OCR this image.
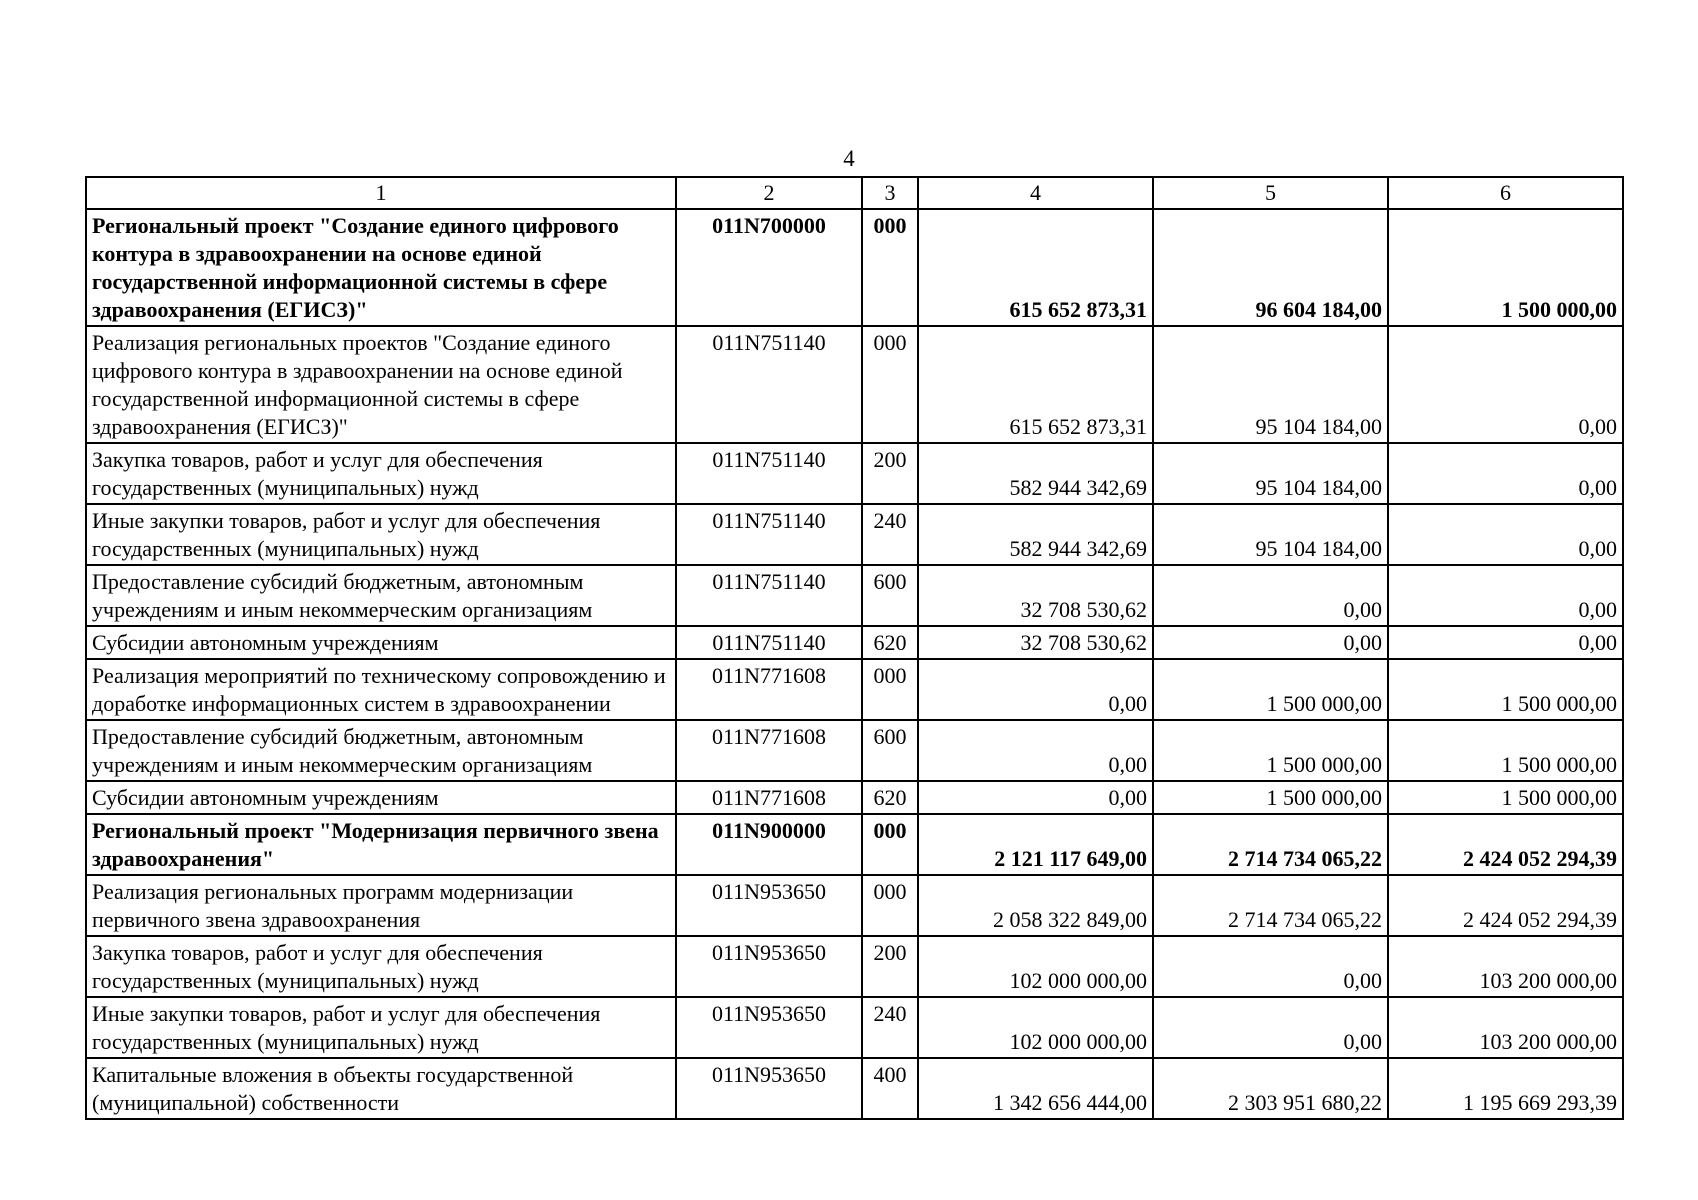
4
1	2	3	4	5	6
Региональный проект "Создание единого цифрового контура в здравоохранении на основе единой государственной информационной системы в сфере здравоохранения (ЕГИСЗ)"	011N700000	000	615 652 873,31	96 604 184,00	1 500 000,00
Реализация региональных проектов "Создание единого цифрового контура в здравоохранении на основе единой государственной информационной системы в сфере здравоохранения (ЕГИСЗ)"	011N751140	000	615 652 873,31	95 104 184,00	0,00
Закупка товаров, работ и услуг для обеспечения государственных (муниципальных) нужд	011N751140	200	582 944 342,69	95 104 184,00	0,00
Иные закупки товаров, работ и услуг для обеспечения государственных (муниципальных) нужд	011N751140	240	582 944 342,69	95 104 184,00	0,00
Предоставление субсидий бюджетным, автономным учреждениям и иным некоммерческим организациям	011N751140	600	32 708 530,62	0,00	0,00
Субсидии автономным учреждениям	011N751140	620	32 708 530,62	0,00	0,00
Реализация мероприятий по техническому сопровождению и доработке информационных систем в здравоохранении	011N771608	000	0,00	1 500 000,00	1 500 000,00
Предоставление субсидий бюджетным, автономным учреждениям и иным некоммерческим организациям	011N771608	600	0,00	1 500 000,00	1 500 000,00
Субсидии автономным учреждениям	011N771608	620	0,00	1 500 000,00	1 500 000,00
Региональный проект "Модернизация первичного звена здравоохранения"	011N900000	000	2 121 117 649,00	2 714 734 065,22	2 424 052 294,39
Реализация региональных программ модернизации первичного звена здравоохранения	011N953650	000	2 058 322 849,00	2 714 734 065,22	2 424 052 294,39
Закупка товаров, работ и услуг для обеспечения государственных (муниципальных) нужд	011N953650	200	102 000 000,00	0,00	103 200 000,00
Иные закупки товаров, работ и услуг для обеспечения государственных (муниципальных) нужд	011N953650	240	102 000 000,00	0,00	103 200 000,00
Капитальные вложения в объекты государственной (муниципальной) собственности	011N953650	400	1 342 656 444,00	2 303 951 680,22	1 195 669 293,39
